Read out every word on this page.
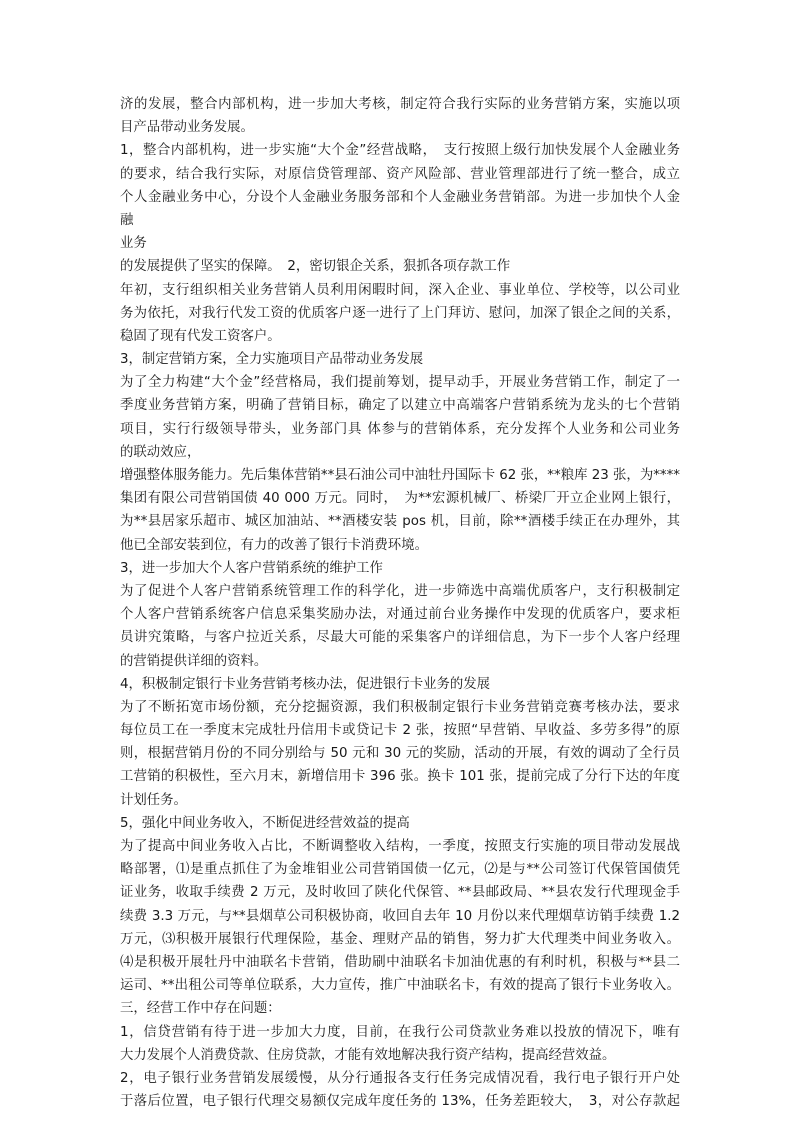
济的发展，整合内部机构，进一步加大考核，制定符合我行实际的业务营销方案，实施以项
目产品带动业务发展。
1，整合内部机构，进一步实施“大个金”经营战略，　支行按照上级行加快发展个人金融业务
的要求，结合我行实际，对原信贷管理部、资产风险部、营业管理部进行了统一整合，成立
个人金融业务中心，分设个人金融业务服务部和个人金融业务营销部。为进一步加快个人金
融
业务
的发展提供了坚实的保障。　2，密切银企关系，狠抓各项存款工作
年初，支行组织相关业务营销人员利用闲暇时间，深入企业、事业单位、学校等，以公司业
务为依托，对我行代发工资的优质客户逐一进行了上门拜访、慰问，加深了银企之间的关系，
稳固了现有代发工资客户。
3，制定营销方案，全力实施项目产品带动业务发展
为了全力构建“大个金”经营格局，我们提前筹划，提早动手，开展业务营销工作，制定了一
季度业务营销方案，明确了营销目标，确定了以建立中高端客户营销系统为龙头的七个营销
项目，实行行级领导带头，业务部门具 体参与的营销体系，充分发挥个人业务和公司业务
的联动效应，
增强整体服务能力。先后集体营销**县石油公司中油牡丹国际卡 62 张，**粮库 23 张，为****
集团有限公司营销国债 40 000 万元。同时，　为**宏源机械厂、桥梁厂开立企业网上银行，
为**县居家乐超市、城区加油站、**酒楼安装 pos 机，目前，除**酒楼手续正在办理外，其
他已全部安装到位，有力的改善了银行卡消费环境。
3，进一步加大个人客户营销系统的维护工作
为了促进个人客户营销系统管理工作的科学化，进一步筛选中高端优质客户，支行积极制定
个人客户营销系统客户信息采集奖励办法，对通过前台业务操作中发现的优质客户，要求柜
员讲究策略，与客户拉近关系，尽最大可能的采集客户的详细信息，为下一步个人客户经理
的营销提供详细的资料。
4，积极制定银行卡业务营销考核办法，促进银行卡业务的发展
为了不断拓宽市场份额，充分挖掘资源，我们积极制定银行卡业务营销竞赛考核办法，要求
每位员工在一季度末完成牡丹信用卡或贷记卡 2 张，按照“早营销、早收益、多劳多得”的原
则，根据营销月份的不同分别给与 50 元和 30 元的奖励，活动的开展，有效的调动了全行员
工营销的积极性，至六月末，新增信用卡 396 张。换卡 101 张，提前完成了分行下达的年度
计划任务。
5，强化中间业务收入，不断促进经营效益的提高
为了提高中间业务收入占比，不断调整收入结构，一季度，按照支行实施的项目带动发展战
略部署，⑴是重点抓住了为金堆钼业公司营销国债一亿元，⑵是与**公司签订代保管国债凭
证业务，收取手续费 2 万元，及时收回了陕化代保管、**县邮政局、**县农发行代理现金手
续费 3.3 万元，与**县烟草公司积极协商，收回自去年 10 月份以来代理烟草访销手续费 1.2
万元，⑶积极开展银行代理保险，基金、理财产品的销售，努力扩大代理类中间业务收入。
⑷是积极开展牡丹中油联名卡营销，借助刷中油联名卡加油优惠的有利时机，积极与**县二
运司、**出租公司等单位联系，大力宣传，推广中油联名卡，有效的提高了银行卡业务收入。
三，经营工作中存在问题：
1，信贷营销有待于进一步加大力度，目前，在我行公司贷款业务难以投放的情况下，唯有
大力发展个人消费贷款、住房贷款，才能有效地解决我行资产结构，提高经营效益。
2，电子银行业务营销发展缓慢，从分行通报各支行任务完成情况看，我行电子银行开户处
于落后位置，电子银行代理交易额仅完成年度任务的 13%，任务差距较大，　3，对公存款起
